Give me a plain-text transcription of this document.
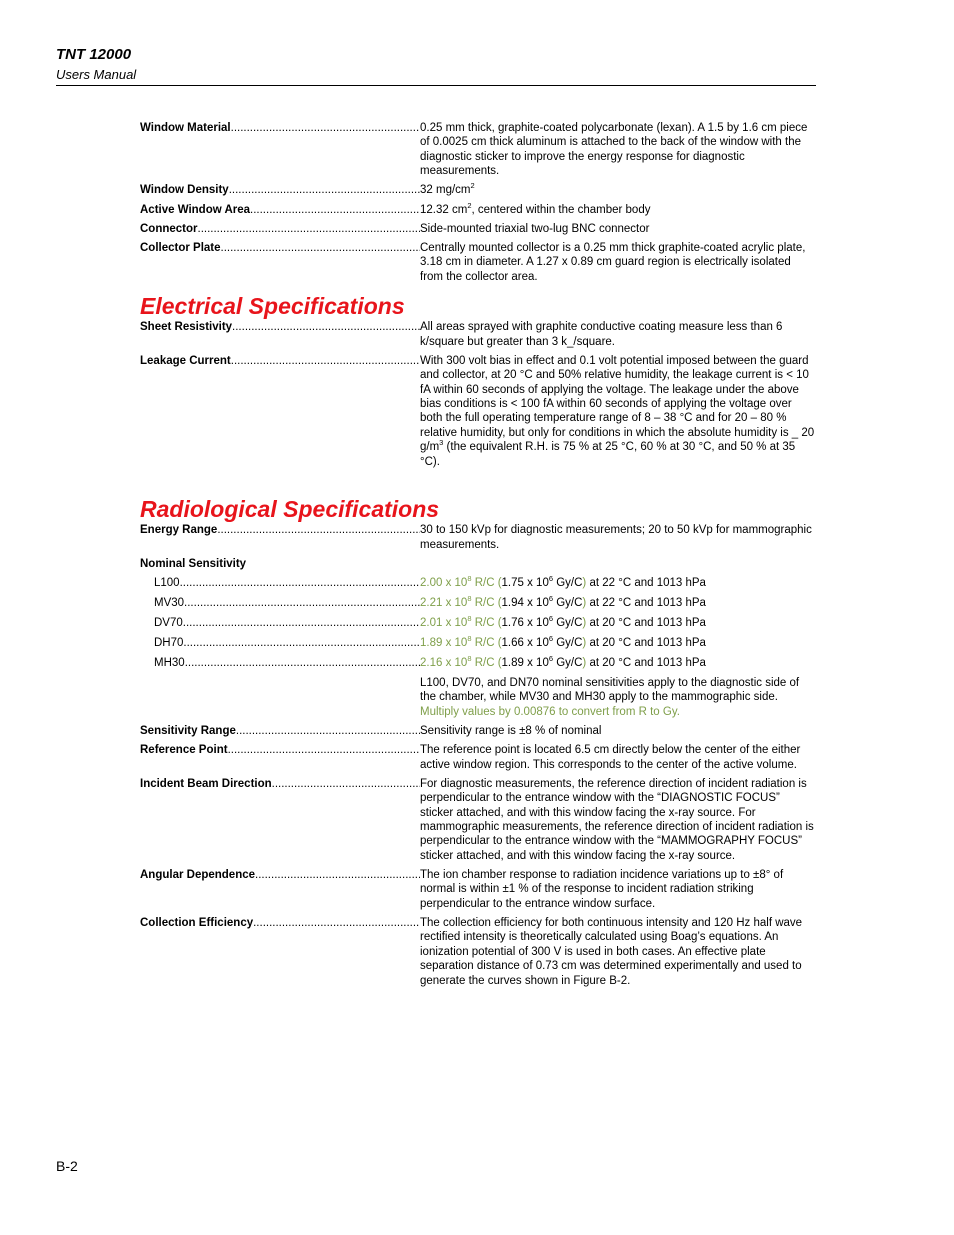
TNT 12000
Users Manual
Window Material .....	0.25 mm thick, graphite-coated polycarbonate (lexan). A 1.5 by 1.6 cm piece of 0.0025 cm thick aluminum is attached to the back of the window with the diagnostic sticker to improve the energy response for diagnostic measurements.
Window Density .....	32 $mg/cm^2$
Active Window Area .....	12.32 $cm^2$, centered within the chamber body
Connector .....	Side-mounted triaxial two-lug BNC connector
Collector Plate .....	Centrally mounted collector is a 0.25 mm thick graphite-coated acrylic plate, 3.18 cm in diameter. A 1.27 x 0.89 cm guard region is electrically isolated from the collector area.
Electrical Specifications
Sheet Resistivity .....	All areas sprayed with graphite conductive coating measure less than 6 k/square but greater than 3 k_/square.
Leakage Current .....	With 300 volt bias in effect and 0.1 volt potential imposed between the guard and collector, at 20 °C and 50% relative humidity, the leakage current is < 10 fA within 60 seconds of applying the voltage. The leakage under the above bias conditions is < 100 fA within 60 seconds of applying the voltage over both the full operating temperature range of 8 – 38 °C and for 20 – 80 % relative humidity, but only for conditions in which the absolute humidity is _ 20 $g/m^3$ (the equivalent R.H. is 75 % at 25 °C, 60 % at 30 °C, and 50 % at 35 °C).
Radiological Specifications
Energy Range .....	30 to 150 kVp for diagnostic measurements; 20 to 50 kVp for mammographic measurements.
Nominal Sensitivity
L100 .....	2.00 x $10^8$ R/C (1.75 x $10^6$ Gy/C) at 22 °C and 1013 hPa
MV30 .....	2.21 x $10^8$ R/C (1.94 x $10^6$ Gy/C) at 22 °C and 1013 hPa
DV70 .....	2.01 x $10^8$ R/C (1.76 x $10^6$ Gy/C) at 20 °C and 1013 hPa
DH70 .....	1.89 x $10^8$ R/C (1.66 x $10^6$ Gy/C) at 20 °C and 1013 hPa
MH30 .....	2.16 x $10^8$ R/C (1.89 x $10^6$ Gy/C) at 20 °C and 1013 hPa
L100, DV70, and DN70 nominal sensitivities apply to the diagnostic side of the chamber, while MV30 and MH30 apply to the mammographic side. Multiply values by 0.00876 to convert from R to Gy.
Sensitivity Range .....	Sensitivity range is ±8 % of nominal
Reference Point .....	The reference point is located 6.5 cm directly below the center of the either active window region. This corresponds to the center of the active volume.
Incident Beam Direction .....	For diagnostic measurements, the reference direction of incident radiation is perpendicular to the entrance window with the “DIAGNOSTIC FOCUS” sticker attached, and with this window facing the x-ray source. For mammographic measurements, the reference direction of incident radiation is perpendicular to the entrance window with the “MAMMOGRAPHY FOCUS” sticker attached, and with this window facing the x-ray source.
Angular Dependence .....	The ion chamber response to radiation incidence variations up to ±8° of normal is within ±1 % of the response to incident radiation striking perpendicular to the entrance window surface.
Collection Efficiency .....	The collection efficiency for both continuous intensity and 120 Hz half wave rectified intensity is theoretically calculated using Boag’s equations. An ionization potential of 300 V is used in both cases. An effective plate separation distance of 0.73 cm was determined experimentally and used to generate the curves shown in Figure B-2.
B-2
